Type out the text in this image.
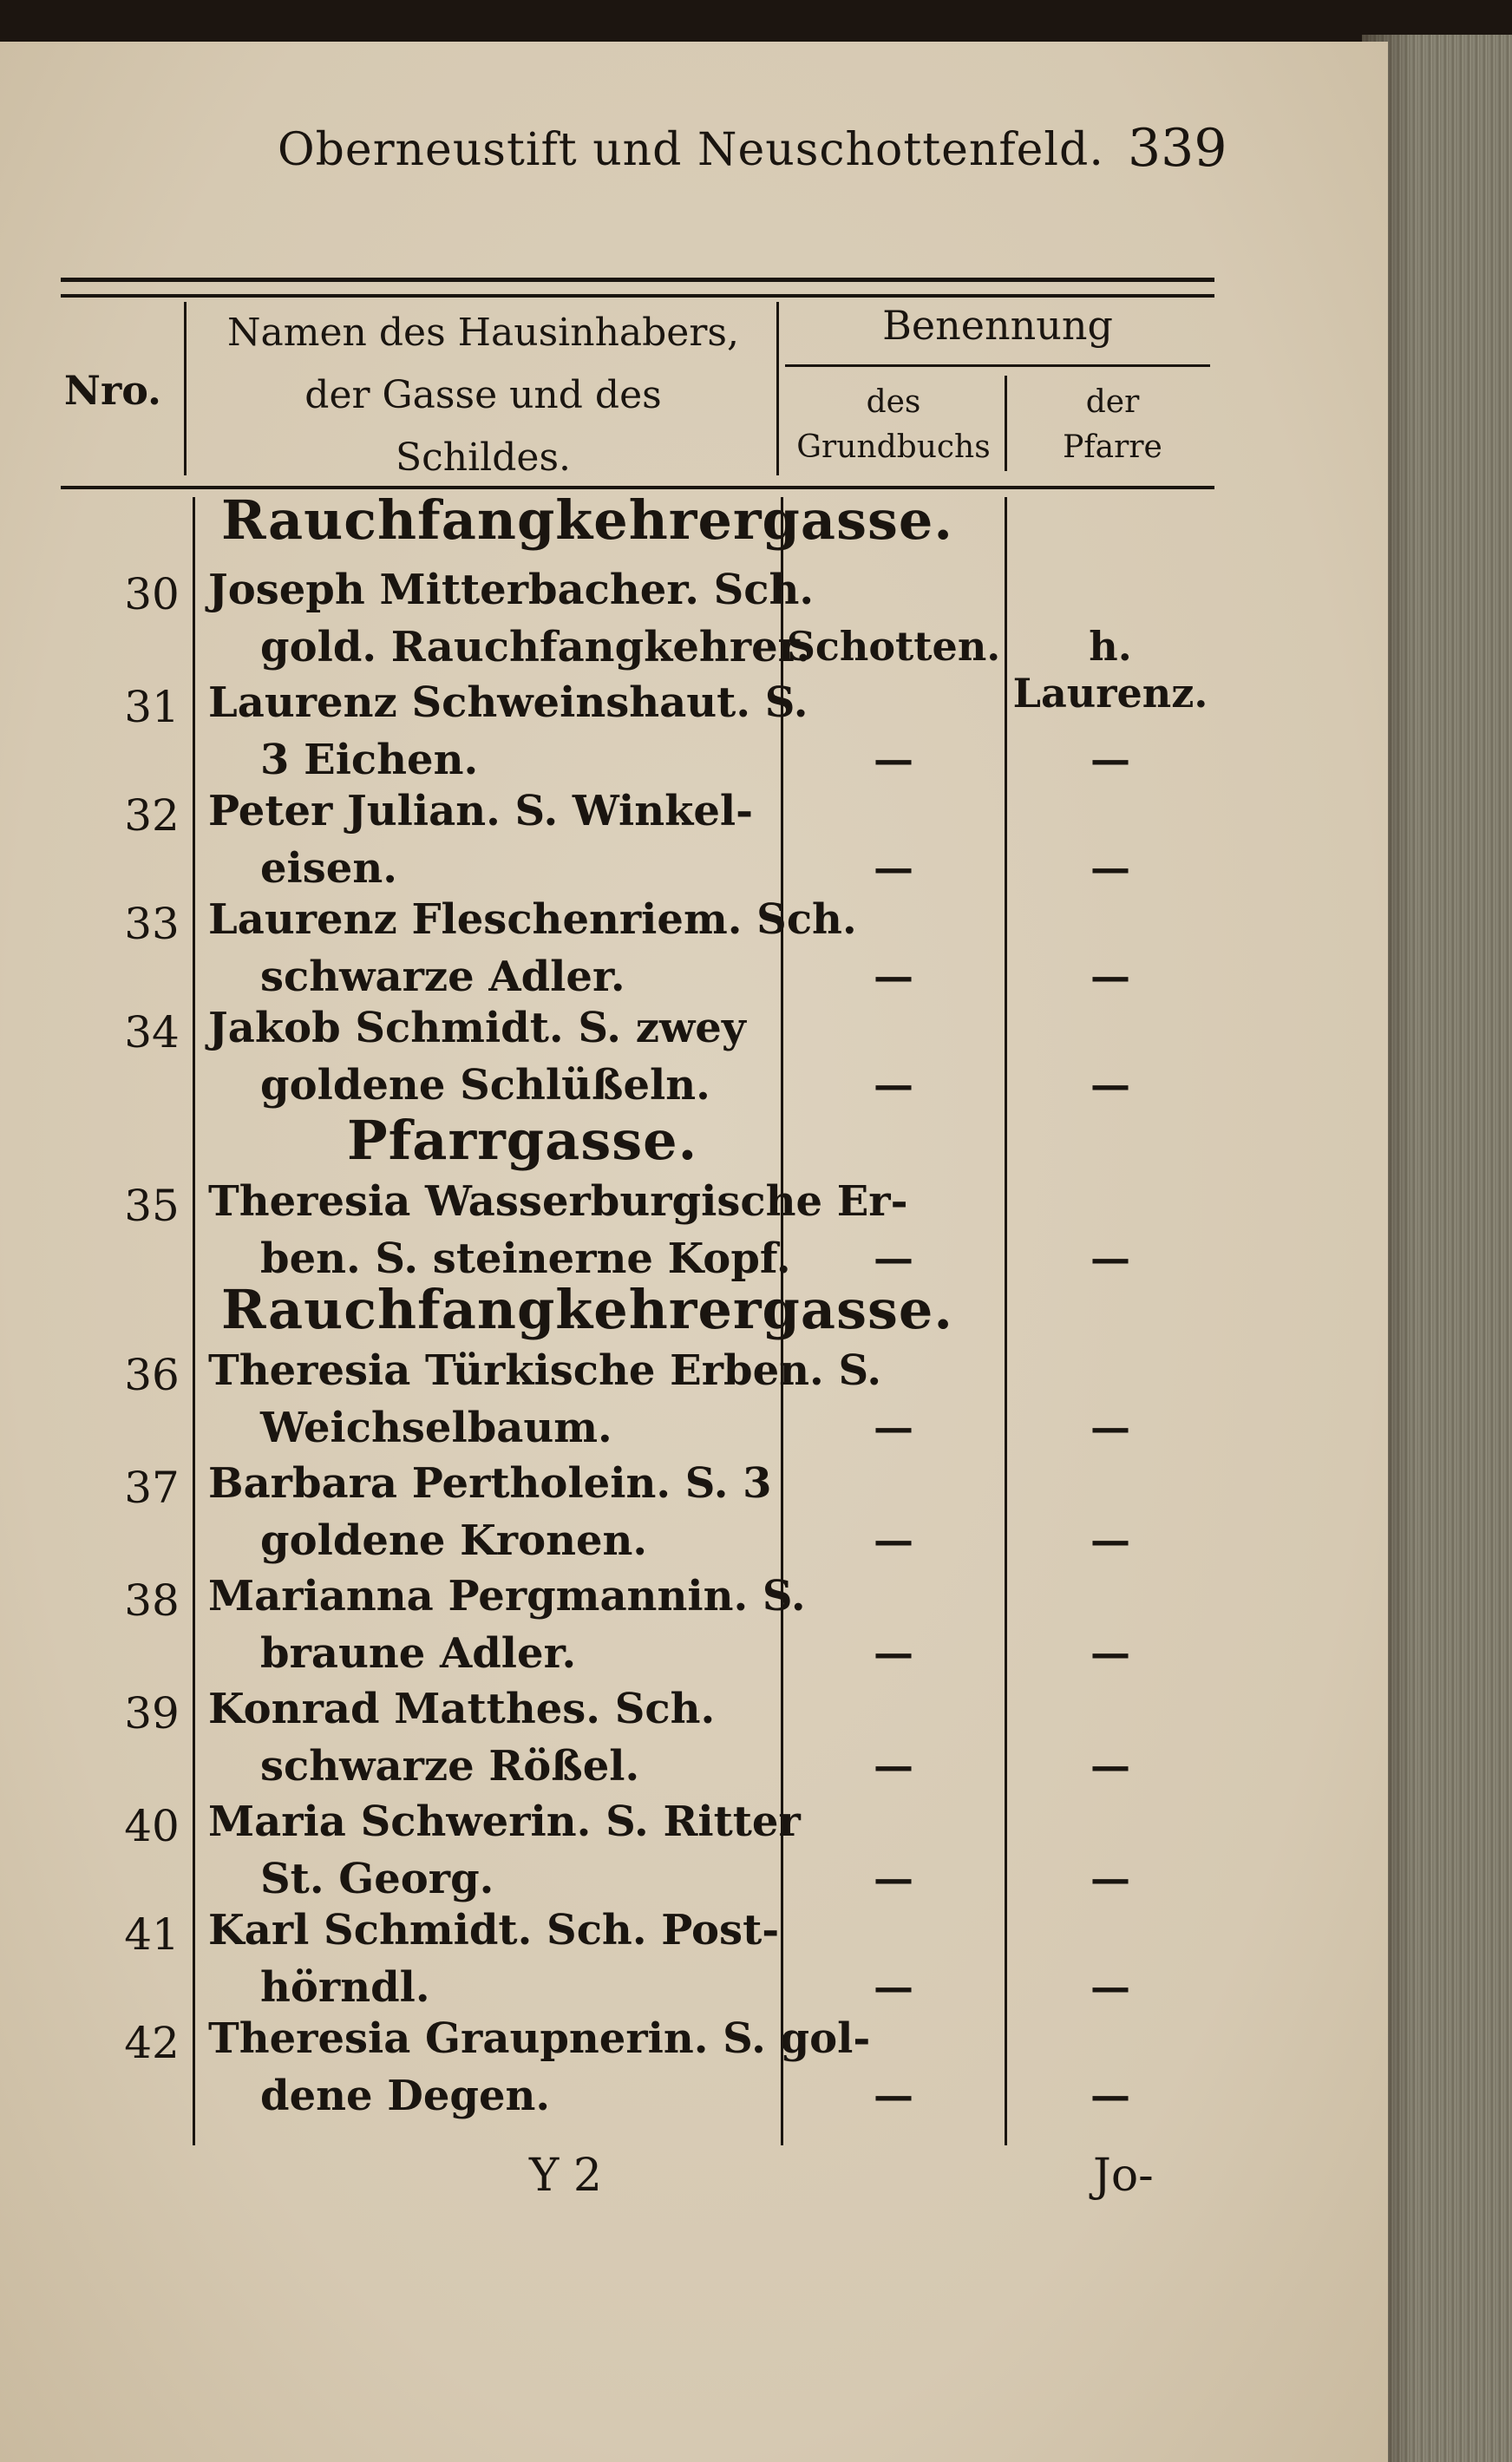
Oberneustift und Neuschottenfeld. 339
Nro.
Namen des Hausinhabers,
der Gasse und des
Schildes.
Benennung
des
Grundbuchs
der
Pfarre
Rauchfangkehrergasse.
Pfarrgasse.
Rauchfangkehrergasse.
30 Joseph Mitterbacher. Sch.
gold. Rauchfangkehrer.
Schotten.	h. Laurenz.
31 Laurenz Schweinshaut. S.
3 Eichen.	—	—
32 Peter Julian. S. Winkel-
eisen.	—	—
33 Laurenz Fleschenriem. Sch.
schwarze Adler.	—	—
34 Jakob Schmidt. S. zwey
goldene Schlüßeln.	—	—
35 Theresia Wasserburgische Er-
ben. S. steinerne Kopf.	—	—
36 Theresia Türkische Erben. S.
Weichselbaum.	—	—
37 Barbara Pertholein. S. 3
goldene Kronen.	—	—
38 Marianna Pergmannin. S.
braune Adler.	—	—
39 Konrad Matthes. Sch.
schwarze Rößel.	—	—
40 Maria Schwerin. S. Ritter
St. Georg.	—	—
41 Karl Schmidt. Sch. Post-
hörndl.	—	—
42 Theresia Graupnerin. S. gol-
dene Degen.	—	—
Y 2	Jo-
